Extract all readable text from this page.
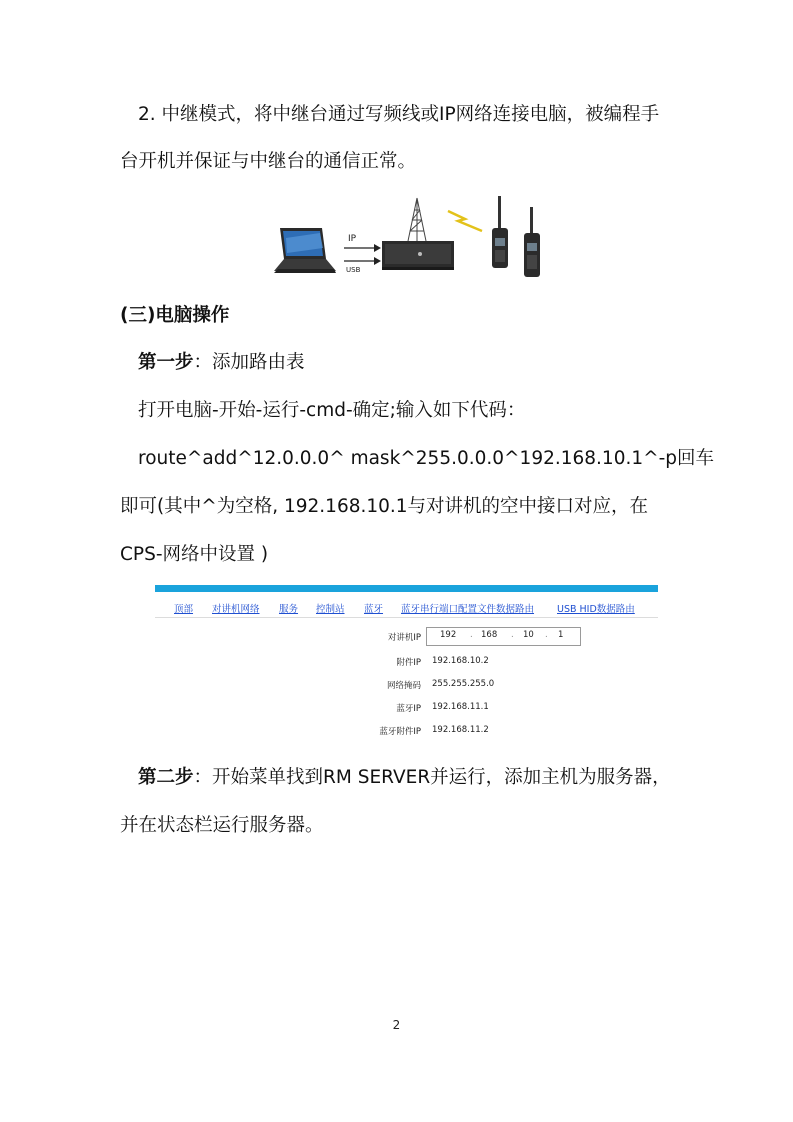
2. 中继模式，将中继台通过写频线或IP网络连接电脑，被编程手
台开机并保证与中继台的通信正常。
IP
USB
(三)电脑操作
第一步：添加路由表
打开电脑-开始-运行-cmd-确定;输入如下代码：
route^add^12.0.0.0^ mask^255.0.0.0^192.168.10.1^-p回车
即可(其中^为空格, 192.168.10.1与对讲机的空中接口对应，在
CPS-网络中设置 )
顶部 对讲机网络 服务 控制站 蓝牙 蓝牙串行端口配置文件数据路由 USB HID数据路由
对讲机IP 192 . 168 . 10 . 1
附件IP 192.168.10.2
网络掩码 255.255.255.0
蓝牙IP 192.168.11.1
蓝牙附件IP 192.168.11.2
第二步：开始菜单找到RM SERVER并运行，添加主机为服务器，
并在状态栏运行服务器。
2
